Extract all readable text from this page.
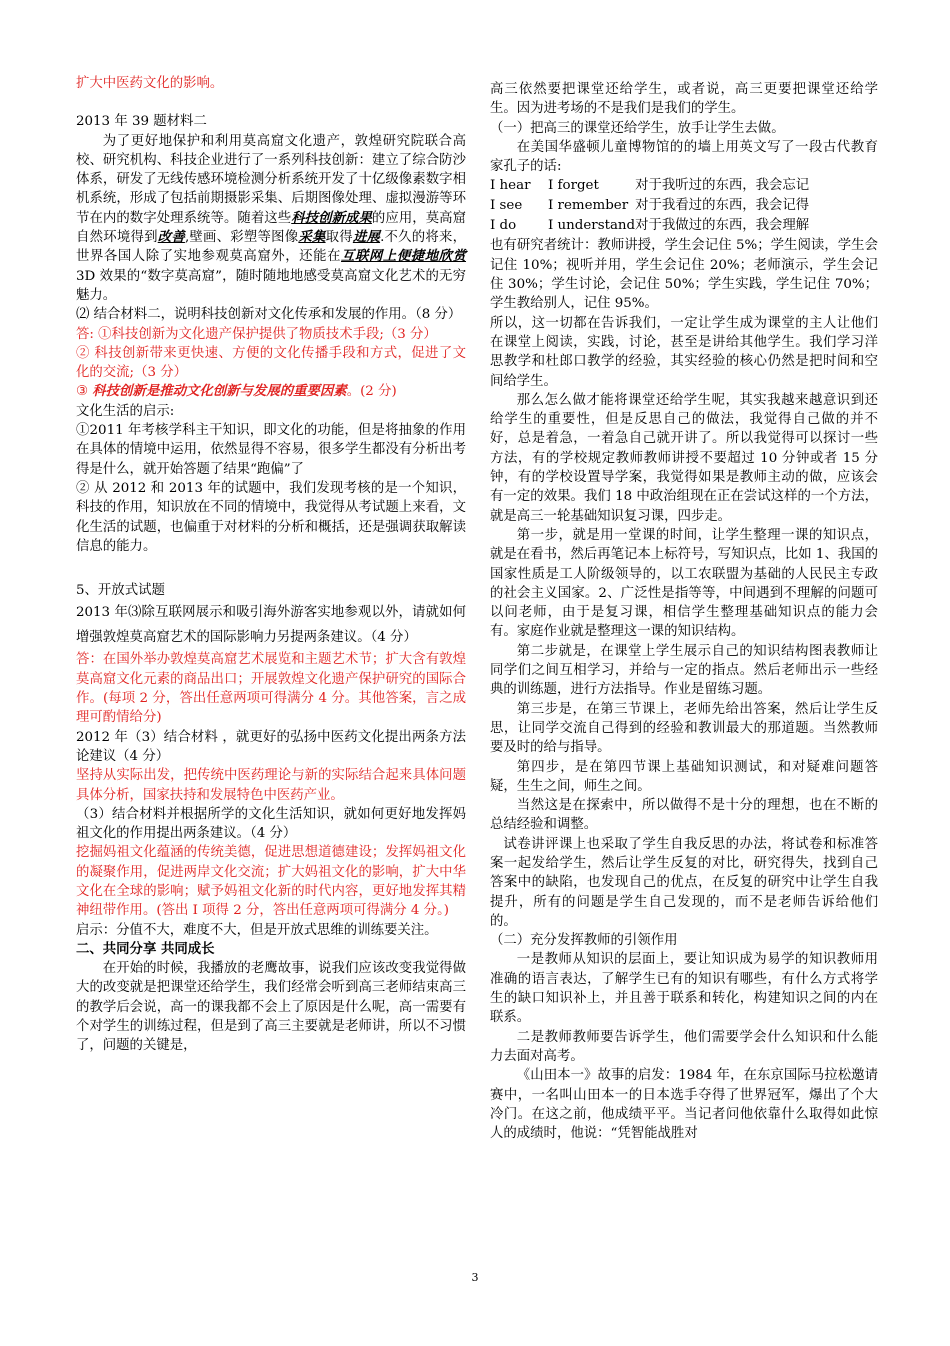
扩大中医药文化的影响。

2013 年 39 题材料二

为了更好地保护和利用莫高窟文化遗产，敦煌研究院联合高校、研究机构、科技企业进行了一系列科技创新：建立了综合防沙体系，研发了无线传感环境检测分析系统开发了十亿级像素数字相机系统，形成了包括前期摄影采集、后期图像处理、虚拟漫游等环节在内的数字处理系统等。随着这些科技创新成果的应用，莫高窟自然环境得到改善,壁画、彩塑等图像采集取得进展.不久的将来，世界各国人除了实地参观莫高窟外，还能在互联网上便捷地欣赏3D 效果的“数字莫高窟”，随时随地地感受莫高窟文化艺术的无穷魅力。

⑵ 结合材料二，说明科技创新对文化传承和发展的作用。（8 分）

答: ①科技创新为文化遗产保护提供了物质技术手段;（3 分）

② 科技创新带来更快速、方便的文化传播手段和方式，促进了文化的交流;（3 分）

③ 科技创新是推动文化创新与发展的重要因素。(2 分)

文化生活的启示:

①2011 年考核学科主干知识，即文化的功能，但是将抽象的作用在具体的情境中运用，依然显得不容易，很多学生都没有分析出考得是什么，就开始答题了结果“跑偏”了

② 从 2012 和 2013 年的试题中，我们发现考核的是一个知识，科技的作用，知识放在不同的情境中，我觉得从考试题上来看，文化生活的试题，也偏重于对材料的分析和概括，还是强调获取解读信息的能力。

5、开放式试题

2013 年⑶除互联网展示和吸引海外游客实地参观以外，请就如何增强敦煌莫高窟艺术的国际影响力另提两条建议。（4 分）

答：在国外举办敦煌莫高窟艺术展览和主题艺术节；扩大含有敦煌莫高窟文化元素的商品出口；开展敦煌文化遗产保护研究的国际合作。(每项 2 分，答出任意两项可得满分 4 分。其他答案，言之成理可酌情给分)

2012 年（3）结合材料 ，就更好的弘扬中医药文化提出两条方法论建议（4 分）

坚持从实际出发，把传统中医药理论与新的实际结合起来具体问题具体分析，国家扶持和发展特色中医药产业。

（3）结合材料并根据所学的文化生活知识，就如何更好地发挥妈祖文化的作用提出两条建议。（4 分）

挖掘妈祖文化蕴涵的传统美德，促进思想道德建设；发挥妈祖文化的凝聚作用，促进两岸文化交流；扩大妈祖文化的影响，扩大中华文化在全球的影响；赋予妈祖文化新的时代内容，更好地发挥其精神纽带作用。(答出 I 项得 2 分，答出任意两项可得满分 4 分。)

启示：分值不大，难度不大，但是开放式思维的训练要关注。

二、共同分享 共同成长

在开始的时候，我播放的老鹰故事，说我们应该改变我觉得做大的改变就是把课堂还给学生，我们经常会听到高三老师结束高三的教学后会说，高一的课我都不会上了原因是什么呢，高一需要有个对学生的训练过程，但是到了高三主要就是老师讲，所以不习惯了，问题的关键是，

高三依然要把课堂还给学生，或者说，高三更要把课堂还给学生。因为进考场的不是我们是我们的学生。

（一）把高三的课堂还给学生，放手让学生去做。

在美国华盛顿儿童博物馆的的墙上用英文写了一段古代教育家孔子的话:

I hear	I forget	对于我听过的东西，我会忘记
I see	I remember	对于我看过的东西，我会记得
I do	I understand	对于我做过的东西，我会理解

也有研究者统计：教师讲授，学生会记住 5%；学生阅读，学生会记住 10%；视听并用，学生会记住 20%；老师演示，学生会记住 30%；学生讨论，会记住 50%；学生实践，学生记住 70%；学生教给别人，记住 95%。

所以，这一切都在告诉我们，一定让学生成为课堂的主人让他们在课堂上阅读，实践，讨论，甚至是讲给其他学生。我们学习洋思教学和杜郎口教学的经验，其实经验的核心仍然是把时间和空间给学生。

那么怎么做才能将课堂还给学生呢，其实我越来越意识到还给学生的重要性，但是反思自己的做法，我觉得自己做的并不好，总是着急，一着急自己就开讲了。所以我觉得可以探讨一些方法，有的学校规定教师教师讲授不要超过 10 分钟或者 15 分钟，有的学校设置导学案，我觉得如果是教师主动的做，应该会有一定的效果。我们 18 中政治组现在正在尝试这样的一个方法，就是高三一轮基础知识复习课，四步走。

第一步，就是用一堂课的时间，让学生整理一课的知识点，就是在看书，然后再笔记本上标符号，写知识点，比如 1、我国的国家性质是工人阶级领导的，以工农联盟为基础的人民民主专政的社会主义国家。2、广泛性是指等等，中间遇到不理解的问题可以问老师，由于是复习课，相信学生整理基础知识点的能力会有。家庭作业就是整理这一课的知识结构。

第二步就是，在课堂上学生展示自己的知识结构图表教师让同学们之间互相学习，并给与一定的指点。然后老师出示一些经典的训练题，进行方法指导。作业是留练习题。

第三步是，在第三节课上，老师先给出答案，然后让学生反思，让同学交流自己得到的经验和教训最大的那道题。当然教师要及时的给与指导。

第四步，是在第四节课上基础知识测试，和对疑难问题答疑，生生之间，师生之间。

当然这是在探索中，所以做得不是十分的理想，也在不断的总结经验和调整。

试卷讲评课上也采取了学生自我反思的办法，将试卷和标准答案一起发给学生，然后让学生反复的对比，研究得失，找到自己答案中的缺陷，也发现自己的优点，在反复的研究中让学生自我提升，所有的问题是学生自己发现的，而不是老师告诉给他们的。

（二）充分发挥教师的引领作用

一是教师从知识的层面上，要让知识成为易学的知识教师用准确的语言表达，了解学生已有的知识有哪些，有什么方式将学生的缺口知识补上，并且善于联系和转化，构建知识之间的内在联系。

二是教师教师要告诉学生，他们需要学会什么知识和什么能力去面对高考。

《山田本一》故事的启发：1984 年，在东京国际马拉松邀请赛中，一名叫山田本一的日本选手夺得了世界冠军，爆出了个大冷门。在这之前，他成绩平平。当记者问他依靠什么取得如此惊人的成绩时，他说：“凭智能战胜对

3
